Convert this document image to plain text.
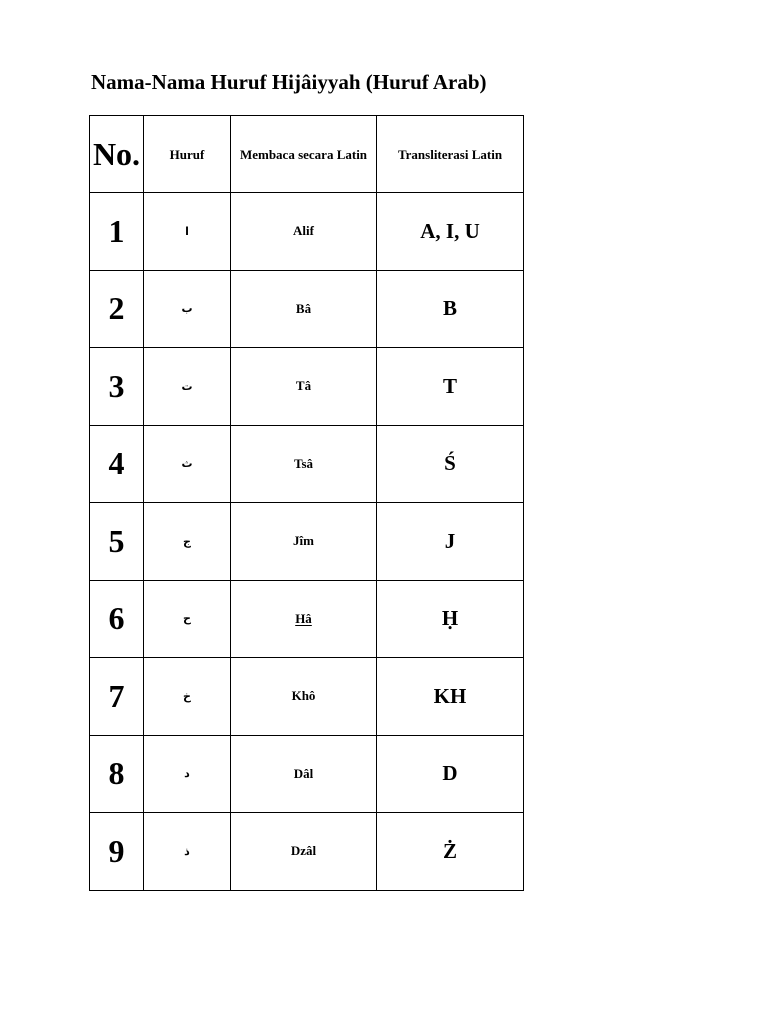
Nama-Nama Huruf Hijâiyyah (Huruf Arab)
No.	Huruf	Membaca secara Latin	Transliterasi Latin
1	ا	Alif	A, I, U
2	ب	Bâ	B
3	ت	Tâ	T
4	ث	Tsâ	Ś
5	ج	Jîm	J
6	ح	Hâ	Ḥ
7	خ	Khô	KH
8	د	Dâl	D
9	ذ	Dzâl	Ż
